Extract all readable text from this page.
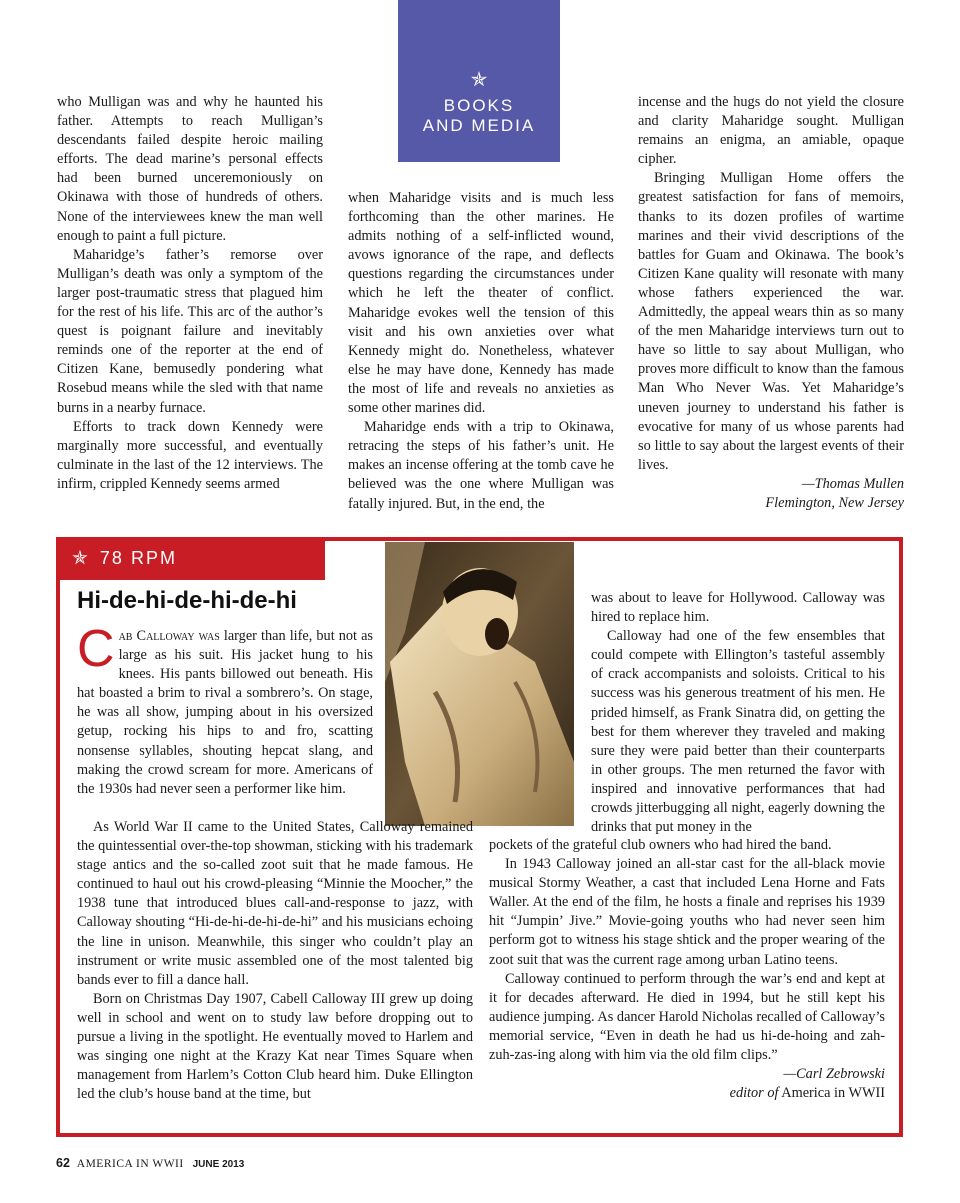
who Mulligan was and why he haunted his father. Attempts to reach Mulligan’s descendants failed despite heroic mailing efforts. The dead marine’s personal effects had been burned unceremoniously on Okinawa with those of hundreds of others. None of the interviewees knew the man well enough to paint a full picture.

Maharidge’s father’s remorse over Mulligan’s death was only a symptom of the larger post-traumatic stress that plagued him for the rest of his life. This arc of the author’s quest is poignant failure and inevitably reminds one of the reporter at the end of Citizen Kane, bemusedly pondering what Rosebud means while the sled with that name burns in a nearby furnace.

Efforts to track down Kennedy were marginally more successful, and eventually culminate in the last of the 12 interviews. The infirm, crippled Kennedy seems armed

✯
BOOKS
AND MEDIA

when Maharidge visits and is much less forthcoming than the other marines. He admits nothing of a self-inflicted wound, avows ignorance of the rape, and deflects questions regarding the circumstances under which he left the theater of conflict. Maharidge evokes well the tension of this visit and his own anxieties over what Kennedy might do. Nonetheless, whatever else he may have done, Kennedy has made the most of life and reveals no anxieties as some other marines did.

Maharidge ends with a trip to Okinawa, retracing the steps of his father’s unit. He makes an incense offering at the tomb cave he believed was the one where Mulligan was fatally injured. But, in the end, the

incense and the hugs do not yield the closure and clarity Maharidge sought. Mulligan remains an enigma, an amiable, opaque cipher.

Bringing Mulligan Home offers the greatest satisfaction for fans of memoirs, thanks to its dozen profiles of wartime marines and their vivid descriptions of the battles for Guam and Okinawa. The book’s Citizen Kane quality will resonate with many whose fathers experienced the war. Admittedly, the appeal wears thin as so many of the men Maharidge interviews turn out to have so little to say about Mulligan, who proves more difficult to know than the famous Man Who Never Was. Yet Maharidge’s uneven journey to understand his father is evocative for many of us whose parents had so little to say about the largest events of their lives.

—Thomas Mullen

Flemington, New Jersey

✯ 78 RPM
Hi-de-hi-de-hi-de-hi

Cab Calloway was larger than life, but not as large as his suit. His jacket hung to his knees. His pants billowed out beneath. His hat boasted a brim to rival a sombrero’s. On stage, he was all show, jumping about in his oversized getup, rocking his hips to and fro, scatting nonsense syllables, shouting hepcat slang, and making the crowd scream for more. Americans of the 1930s had never seen a performer like him.

As World War II came to the United States, Calloway remained the quintessential over-the-top showman, sticking with his trademark stage antics and the so-called zoot suit that he made famous. He continued to haul out his crowd-pleasing “Minnie the Moocher,” the 1938 tune that introduced blues call-and-response to jazz, with Calloway shouting “Hi-de-hi-de-hi-de-hi” and his musicians echoing the line in unison. Meanwhile, this singer who couldn’t play an instrument or write music assembled one of the most talented big bands ever to fill a dance hall.

Born on Christmas Day 1907, Cabell Calloway III grew up doing well in school and went on to study law before dropping out to pursue a living in the spotlight. He eventually moved to Harlem and was singing one night at the Krazy Kat near Times Square when management from Harlem’s Cotton Club heard him. Duke Ellington led the club’s house band at the time, but

was about to leave for Hollywood. Calloway was hired to replace him.

Calloway had one of the few ensembles that could compete with Ellington’s tasteful assembly of crack accompanists and soloists. Critical to his success was his generous treatment of his men. He prided himself, as Frank Sinatra did, on getting the best for them wherever they traveled and making sure they were paid better than their counterparts in other groups. The men returned the favor with inspired and innovative performances that had crowds jitterbugging all night, eagerly downing the drinks that put money in the

pockets of the grateful club owners who had hired the band.

In 1943 Calloway joined an all-star cast for the all-black movie musical Stormy Weather, a cast that included Lena Horne and Fats Waller. At the end of the film, he hosts a finale and reprises his 1939 hit “Jumpin’ Jive.” Movie-going youths who had never seen him perform got to witness his stage shtick and the proper wearing of the zoot suit that was the current rage among urban Latino teens.

Calloway continued to perform through the war’s end and kept at it for decades afterward. He died in 1994, but he still kept his audience jumping. As dancer Harold Nicholas recalled of Calloway’s memorial service, “Even in death he had us hi-de-hoing and zah-zuh-zas-ing along with him via the old film clips.”

—Carl Zebrowski

editor of America in WWII

62 AMERICA IN WWII JUNE 2013
